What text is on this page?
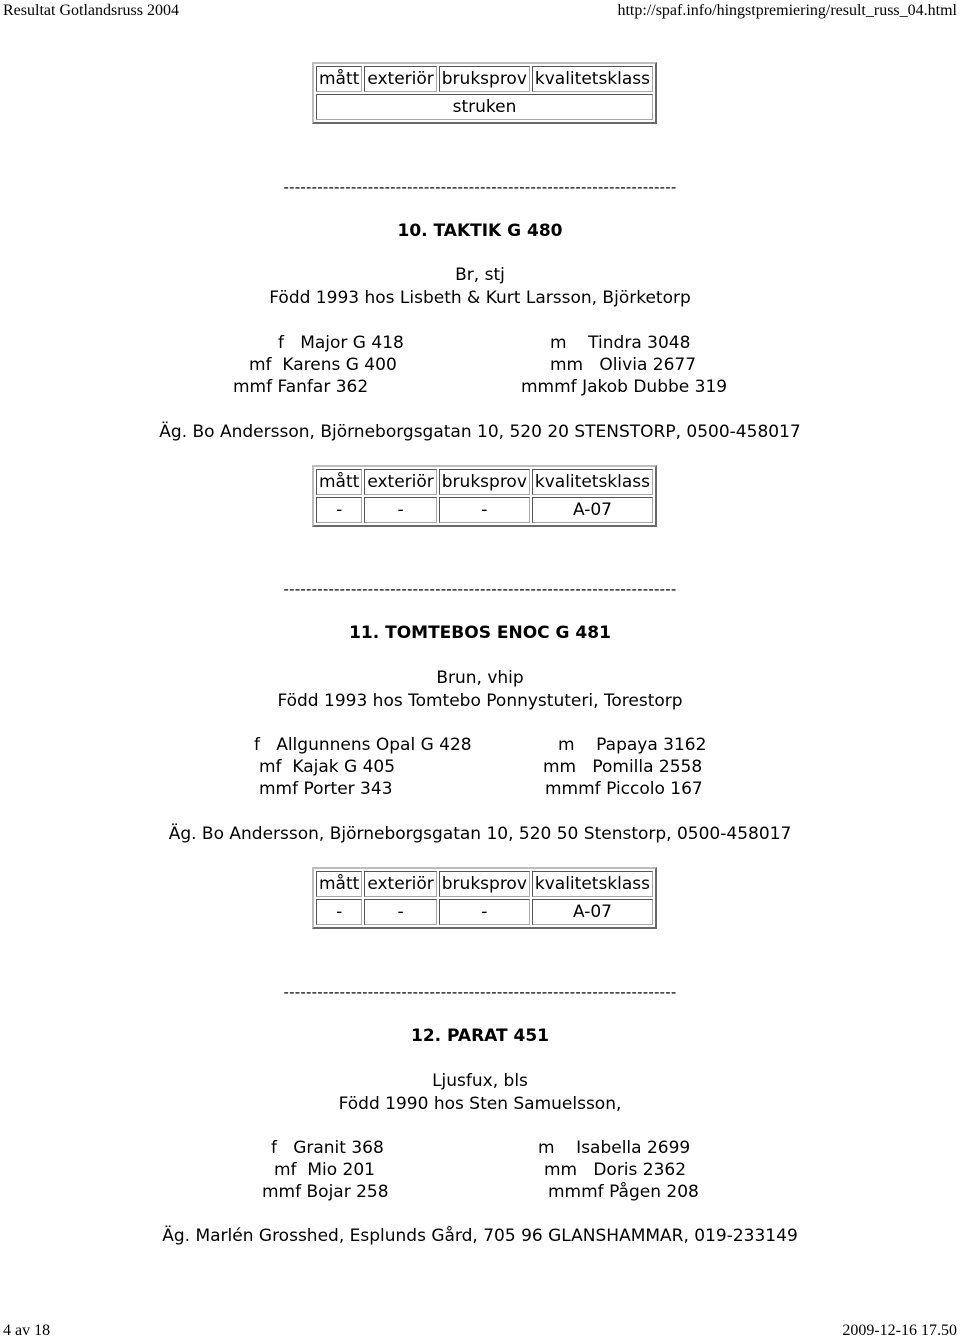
Resultat Gotlandsruss 2004	http://spaf.info/hingstpremiering/result_russ_04.html
mått	exteriör	bruksprov	kvalitetsklass
struken
----------------------------------------------------------------------
10. TAKTIK G 480
Br, stj
Född 1993 hos Lisbeth & Kurt Larsson, Björketorp
f   Major G 418
mf  Karens G 400
mmf Fanfar 362
m    Tindra 3048
mm   Olivia 2677
mmmf Jakob Dubbe 319
Äg. Bo Andersson, Björneborgsgatan 10, 520 20 STENSTORP, 0500-458017
mått	exteriör	bruksprov	kvalitetsklass
-	-	-	A-07
----------------------------------------------------------------------
11. TOMTEBOS ENOC G 481
Brun, vhip
Född 1993 hos Tomtebo Ponnystuteri, Torestorp
f   Allgunnens Opal G 428
mf  Kajak G 405
mmf Porter 343
m    Papaya 3162
mm   Pomilla 2558
mmmf Piccolo 167
Äg. Bo Andersson, Björneborgsgatan 10, 520 50 Stenstorp, 0500-458017
mått	exteriör	bruksprov	kvalitetsklass
-	-	-	A-07
----------------------------------------------------------------------
12. PARAT 451
Ljusfux, bls
Född 1990 hos Sten Samuelsson,
f   Granit 368
mf  Mio 201
mmf Bojar 258
m    Isabella 2699
mm   Doris 2362
mmmf Pågen 208
Äg. Marlén Grosshed, Esplunds Gård, 705 96 GLANSHAMMAR, 019-233149
4 av 18	2009-12-16 17.50
